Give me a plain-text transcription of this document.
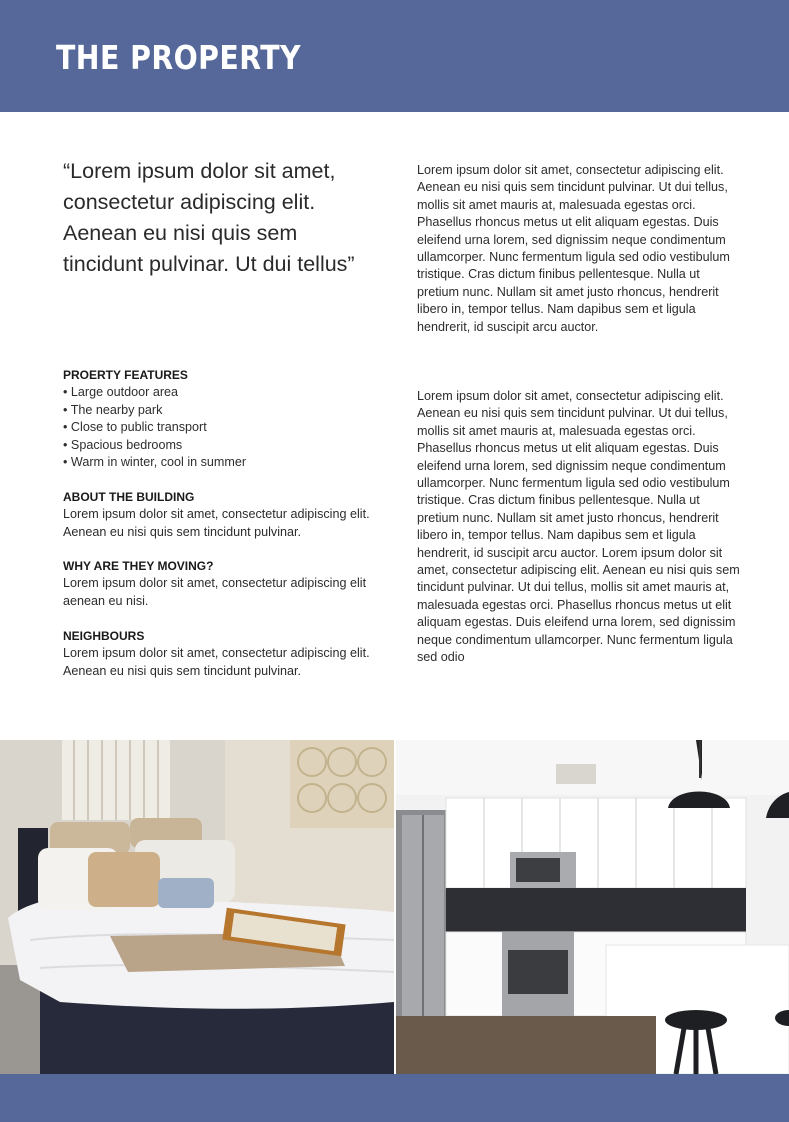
THE PROPERTY

“Lorem ipsum dolor sit amet, consectetur adipiscing elit. Aenean eu nisi quis sem tincidunt pulvinar. Ut dui tellus”

Lorem ipsum dolor sit amet, consectetur adipiscing elit. Aenean eu nisi quis sem tincidunt pulvinar. Ut dui tellus, mollis sit amet mauris at, malesuada egestas orci. Phasellus rhoncus metus ut elit aliquam egestas. Duis eleifend urna lorem, sed dignissim neque condimentum ullamcorper. Nunc fermentum ligula sed odio vestibulum tristique. Cras dictum finibus pellentesque. Nulla ut pretium nunc. Nullam sit amet justo rhoncus, hendrerit libero in, tempor tellus. Nam dapibus sem et ligula hendrerit, id suscipit arcu auctor.

Lorem ipsum dolor sit amet, consectetur adipiscing elit. Aenean eu nisi quis sem tincidunt pulvinar. Ut dui tellus, mollis sit amet mauris at, malesuada egestas orci. Phasellus rhoncus metus ut elit aliquam egestas. Duis eleifend urna lorem, sed dignissim neque condimentum ullamcorper. Nunc fermentum ligula sed odio vestibulum tristique. Cras dictum finibus pellentesque. Nulla ut pretium nunc. Nullam sit amet justo rhoncus, hendrerit libero in, tempor tellus. Nam dapibus sem et ligula hendrerit, id suscipit arcu auctor. Lorem ipsum dolor sit amet, consectetur adipiscing elit. Aenean eu nisi quis sem tincidunt pulvinar. Ut dui tellus, mollis sit amet mauris at, malesuada egestas orci. Phasellus rhoncus metus ut elit aliquam egestas. Duis eleifend urna lorem, sed dignissim neque condimentum ullamcorper. Nunc fermentum ligula sed odio

PROERTY FEATURES

• Large outdoor area
• The nearby park
• Close to public transport
• Spacious bedrooms
• Warm in winter, cool in summer

ABOUT THE BUILDING

Lorem ipsum dolor sit amet, consectetur adipiscing elit. Aenean eu nisi quis sem tincidunt pulvinar.

WHY ARE THEY MOVING?

Lorem ipsum dolor sit amet, consectetur adipiscing elit aenean eu nisi.

NEIGHBOURS

Lorem ipsum dolor sit amet, consectetur adipiscing elit. Aenean eu nisi quis sem tincidunt pulvinar.
